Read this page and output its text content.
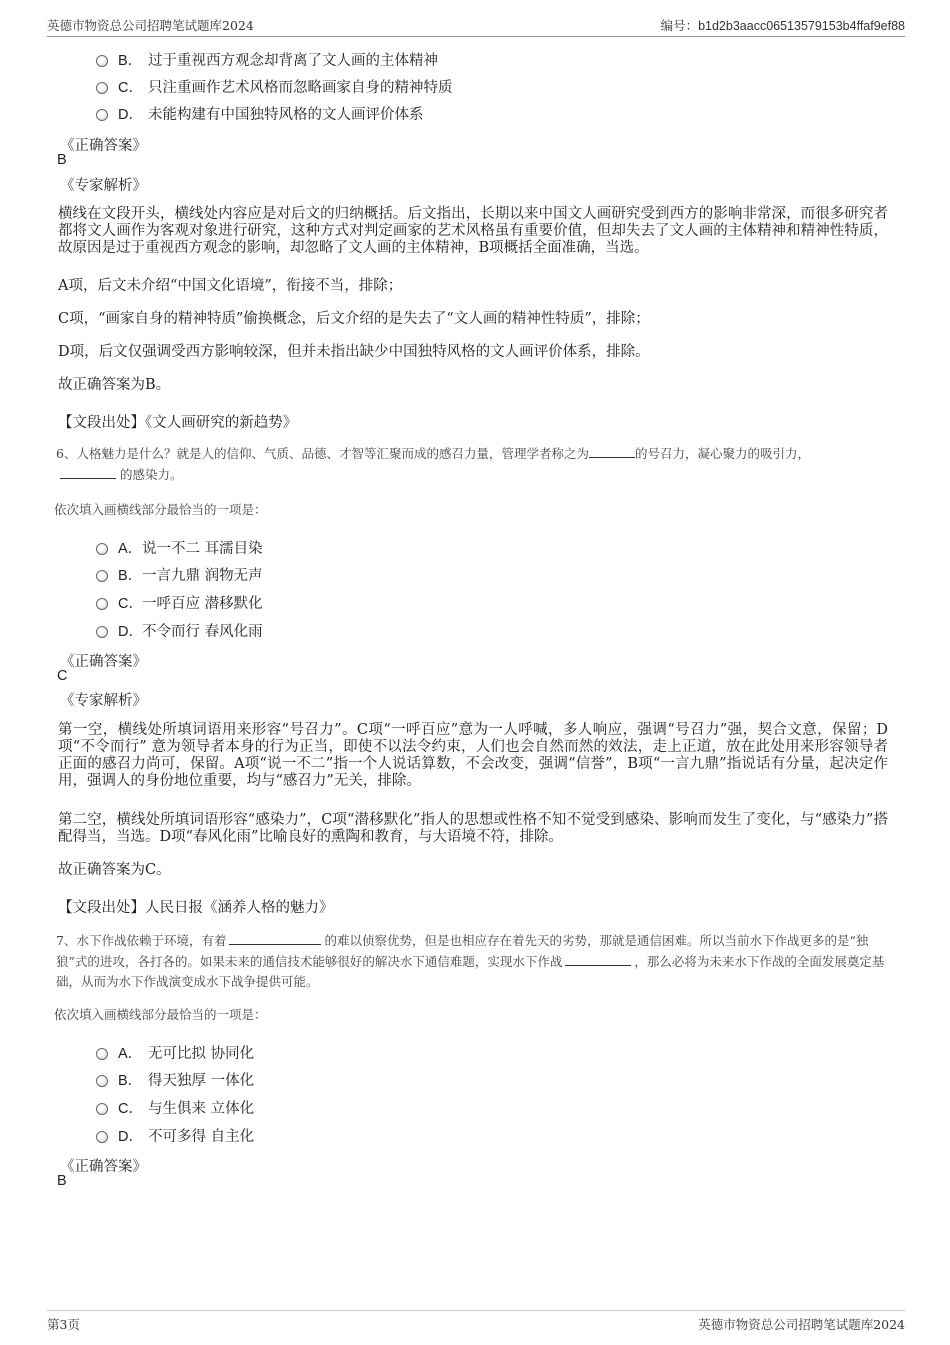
英德市物资总公司招聘笔试题库2024	编号：b1d2b3aacc06513579153b4ffaf9ef88
B． 过于重视西方观念却背离了文人画的主体精神
C． 只注重画作艺术风格而忽略画家自身的精神特质
D． 未能构建有中国独特风格的文人画评价体系
《正确答案》
B
《专家解析》
横线在文段开头，横线处内容应是对后文的归纳概括。后文指出，长期以来中国文人画研究受到西方的影响非常深，而很多研究者都将文人画作为客观对象进行研究，这种方式对判定画家的艺术风格虽有重要价值，但却失去了文人画的主体精神和精神性特质，故原因是过于重视西方观念的影响，却忽略了文人画的主体精神，B项概括全面准确，当选。
A项，后文未介绍“中国文化语境”，衔接不当，排除；
C项，“画家自身的精神特质”偷换概念，后文介绍的是失去了“文人画的精神性特质”，排除；
D项，后文仅强调受西方影响较深，但并未指出缺少中国独特风格的文人画评价体系，排除。
故正确答案为B。
【文段出处】《文人画研究的新趋势》
6、人格魅力是什么？就是人的信仰、气质、品德、才智等汇聚而成的感召力量，管理学者称之为	的号召力，凝心聚力的吸引力，的感染力。
依次填入画横线部分最恰当的一项是：
A．说一不二 耳濡目染
B．一言九鼎 润物无声
C．一呼百应 潜移默化
D．不令而行 春风化雨
《正确答案》
C
《专家解析》
第一空，横线处所填词语用来形容“号召力”。C项“一呼百应”意为一人呼喊，多人响应，强调“号召力”强，契合文意，保留；D项“不令而行” 意为领导者本身的行为正当，即使不以法令约束，人们也会自然而然的效法，走上正道，放在此处用来形容领导者正面的感召力尚可，保留。A项“说一不二”指一个人说话算数，不会改变，强调“信誉”，B项“一言九鼎”指说话有分量，起决定作用，强调人的身份地位重要，均与“感召力”无关，排除。
第二空，横线处所填词语形容“感染力”，C项“潜移默化”指人的思想或性格不知不觉受到感染、影响而发生了变化，与“感染力”搭配得当，当选。D项“春风化雨”比喻良好的熏陶和教育，与大语境不符，排除。
故正确答案为C。
【文段出处】人民日报《涵养人格的魅力》
7、水下作战依赖于环境，有着	的难以侦察优势，但是也相应存在着先天的劣势，那就是通信困难。所以当前水下作战更多的是“独狼”式的进攻，各打各的。如果未来的通信技术能够很好的解决水下通信难题，实现水下作战	，那么必将为未来水下作战的全面发展奠定基础，从而为水下作战演变成水下战争提供可能。
依次填入画横线部分最恰当的一项是：
A． 无可比拟 协同化
B． 得天独厚 一体化
C． 与生俱来 立体化
D． 不可多得 自主化
《正确答案》
B
第3页	英德市物资总公司招聘笔试题库2024
